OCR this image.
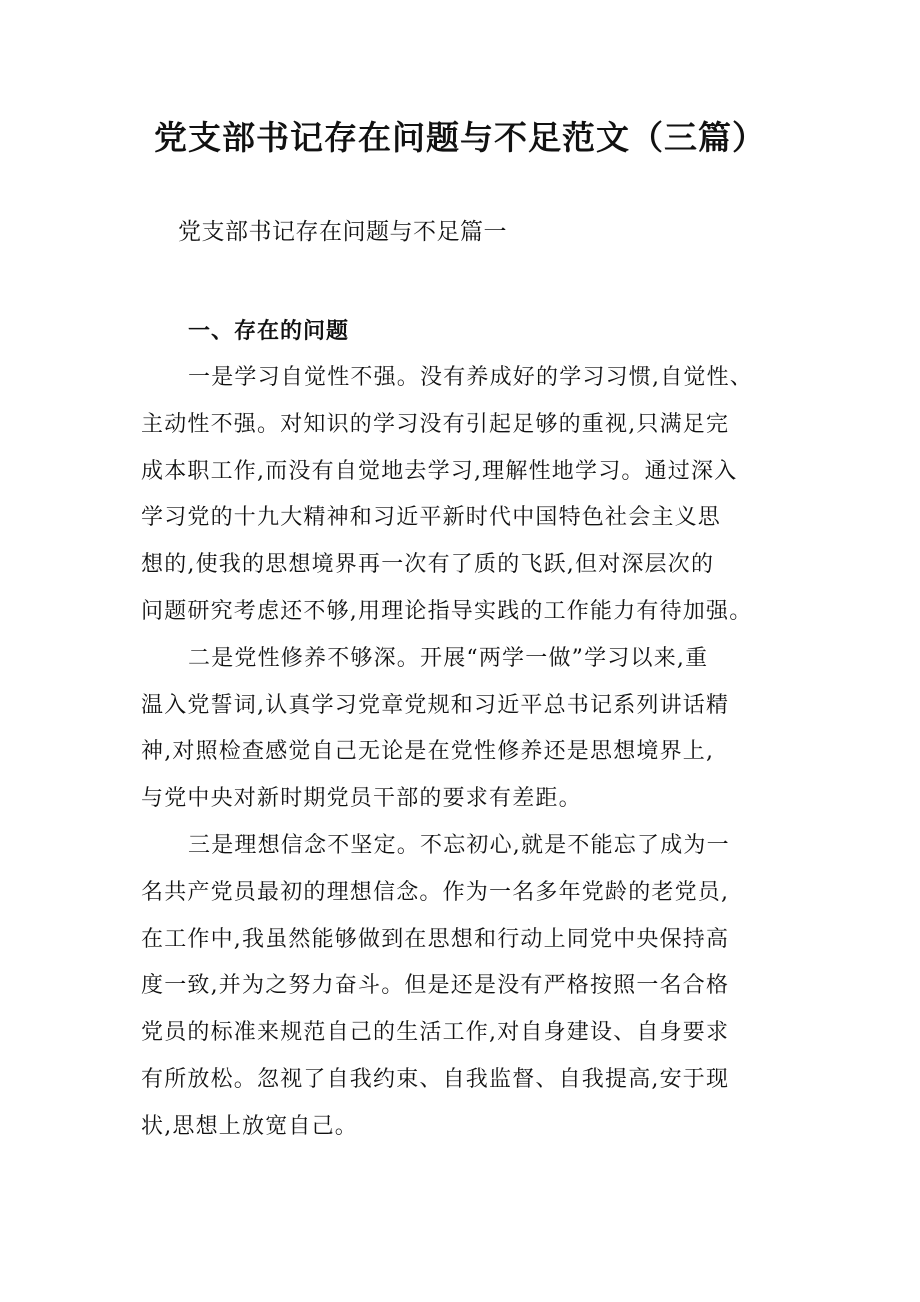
党支部书记存在问题与不足范文（三篇）
党支部书记存在问题与不足篇一
一、存在的问题

一是学习自觉性不强。没有养成好的学习习惯,自觉性、
主动性不强。对知识的学习没有引起足够的重视,只满足完
成本职工作,而没有自觉地去学习,理解性地学习。通过深入
学习党的十九大精神和习近平新时代中国特色社会主义思
想的,使我的思想境界再一次有了质的飞跃,但对深层次的
问题研究考虑还不够,用理论指导实践的工作能力有待加强。

二是党性修养不够深。开展“两学一做”学习以来,重
温入党誓词,认真学习党章党规和习近平总书记系列讲话精
神,对照检查感觉自己无论是在党性修养还是思想境界上,
与党中央对新时期党员干部的要求有差距。

三是理想信念不坚定。不忘初心,就是不能忘了成为一
名共产党员最初的理想信念。作为一名多年党龄的老党员,
在工作中,我虽然能够做到在思想和行动上同党中央保持高
度一致,并为之努力奋斗。但是还是没有严格按照一名合格
党员的标准来规范自己的生活工作,对自身建设、自身要求
有所放松。忽视了自我约束、自我监督、自我提高,安于现
状,思想上放宽自己。
